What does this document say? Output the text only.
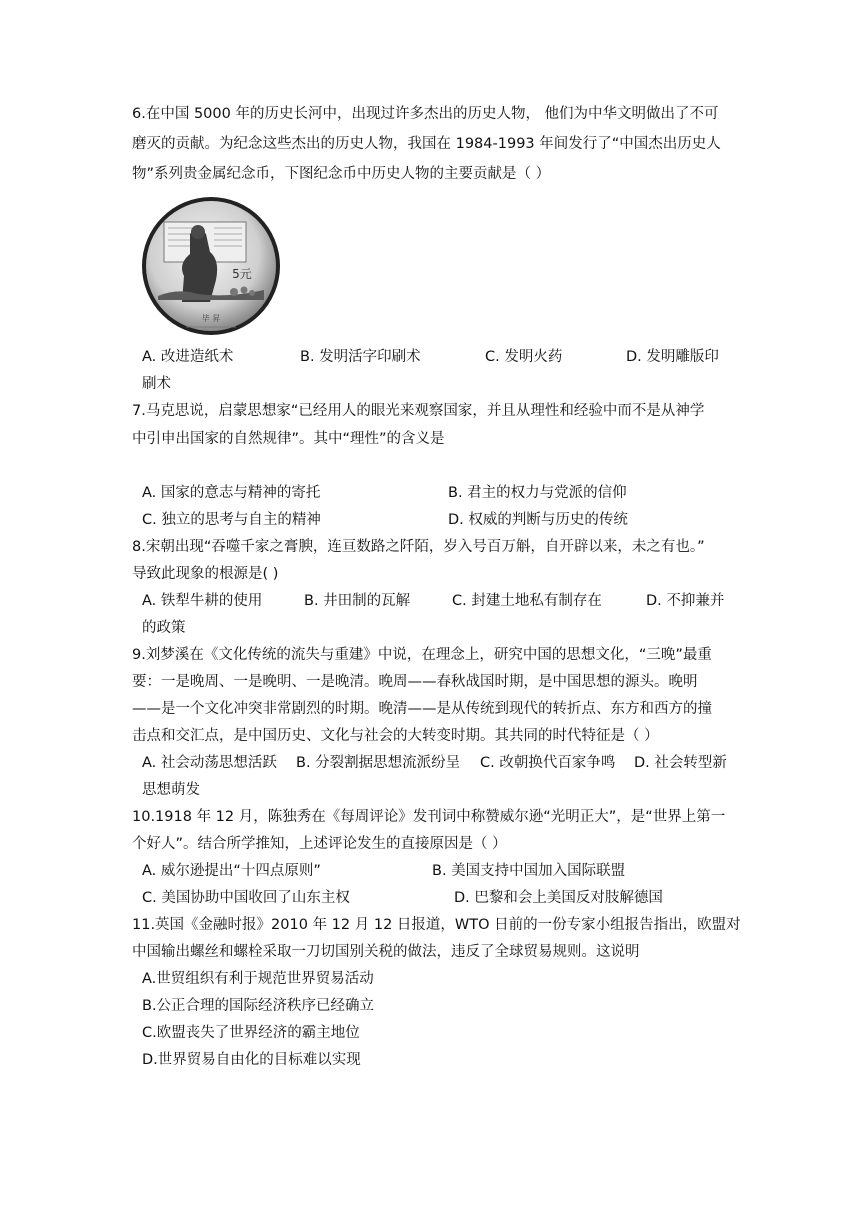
6.在中国 5000 年的历史长河中，出现过许多杰出的历史人物， 他们为中华文明做出了不可
磨灭的贡献。为纪念这些杰出的历史人物，我国在 1984-1993 年间发行了“中国杰出历史人
物”系列贵金属纪念币，下图纪念币中历史人物的主要贡献是（ ）
5元
毕 昇
A. 改进造纸术	B. 发明活字印刷术	C. 发明火药	D. 发明雕版印
刷术
7.马克思说，启蒙思想家“已经用人的眼光来观察国家，并且从理性和经验中而不是从神学
中引申出国家的自然规律”。其中“理性”的含义是
A. 国家的意志与精神的寄托	B. 君主的权力与党派的信仰
C. 独立的思考与自主的精神	D. 权威的判断与历史的传统
8.宋朝出现“吞噬千家之膏腴，连亘数路之阡陌，岁入号百万斛，自开辟以来，未之有也。”
导致此现象的根源是( )
A. 铁犁牛耕的使用	B. 井田制的瓦解	C. 封建土地私有制存在	D. 不抑兼并
的政策
9.刘梦溪在《文化传统的流失与重建》中说，在理念上，研究中国的思想文化，“三晚”最重
要：一是晚周、一是晚明、一是晚清。晚周——春秋战国时期，是中国思想的源头。晚明
——是一个文化冲突非常剧烈的时期。晚清——是从传统到现代的转折点、东方和西方的撞
击点和交汇点，是中国历史、文化与社会的大转变时期。其共同的时代特征是（ ）
A. 社会动荡思想活跃 B. 分裂割据思想流派纷呈 C. 改朝换代百家争鸣 D. 社会转型新
思想萌发
10.1918 年 12 月，陈独秀在《每周评论》发刊词中称赞威尔逊“光明正大”，是“世界上第一
个好人”。结合所学推知，上述评论发生的直接原因是（ ）
A. 威尔逊提出“十四点原则”	B. 美国支持中国加入国际联盟
C. 美国协助中国收回了山东主权	D. 巴黎和会上美国反对肢解德国
11.英国《金融时报》2010 年 12 月 12 日报道，WTO 日前的一份专家小组报告指出，欧盟对
中国输出螺丝和螺栓采取一刀切国别关税的做法，违反了全球贸易规则。这说明
A.世贸组织有利于规范世界贸易活动
B.公正合理的国际经济秩序已经确立
C.欧盟丧失了世界经济的霸主地位
D.世界贸易自由化的目标难以实现
